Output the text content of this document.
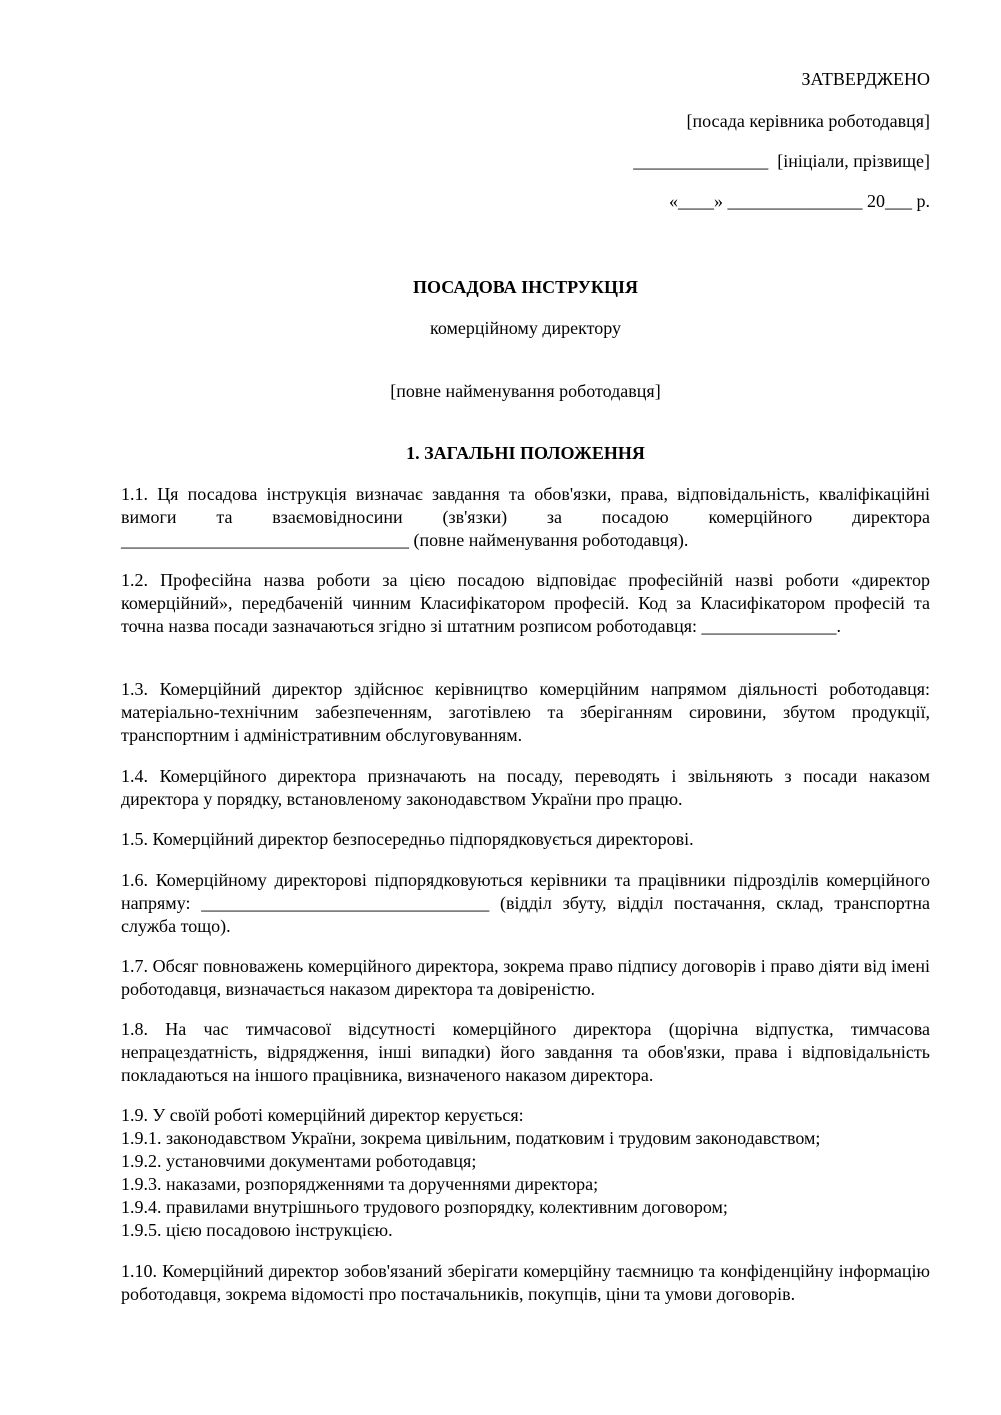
ЗАТВЕРДЖЕНО
[посада керівника роботодавця]
_______________  [ініціали, прізвище]
«____» _______________ 20___ р.
ПОСАДОВА ІНСТРУКЦІЯ
комерційному директору
[повне найменування роботодавця]
1. ЗАГАЛЬНІ ПОЛОЖЕННЯ

1.1. Ця посадова інструкція визначає завдання та обов'язки, права, відповідальність, кваліфікаційні вимоги та взаємовідносини (зв'язки) за посадою комерційного директора ________________________________ (повне найменування роботодавця).

1.2. Професійна назва роботи за цією посадою відповідає професійній назві роботи «директор комерційний», передбаченій чинним Класифікатором професій. Код за Класифікатором професій та точна назва посади зазначаються згідно зі штатним розписом роботодавця: _______________.

1.3. Комерційний директор здійснює керівництво комерційним напрямом діяльності роботодавця: матеріально-технічним забезпеченням, заготівлею та зберіганням сировини, збутом продукції, транспортним і адміністративним обслуговуванням.

1.4. Комерційного директора призначають на посаду, переводять і звільняють з посади наказом директора у порядку, встановленому законодавством України про працю.

1.5. Комерційний директор безпосередньо підпорядковується директорові.

1.6. Комерційному директорові підпорядковуються керівники та працівники підрозділів комерційного напряму: ________________________________ (відділ збуту, відділ постачання, склад, транспортна служба тощо).

1.7. Обсяг повноважень комерційного директора, зокрема право підпису договорів і право діяти від імені роботодавця, визначається наказом директора та довіреністю.

1.8. На час тимчасової відсутності комерційного директора (щорічна відпустка, тимчасова непрацездатність, відрядження, інші випадки) його завдання та обов'язки, права і відповідальність покладаються на іншого працівника, визначеного наказом директора.

1.9. У своїй роботі комерційний директор керується:
1.9.1. законодавством України, зокрема цивільним, податковим і трудовим законодавством;
1.9.2. установчими документами роботодавця;
1.9.3. наказами, розпорядженнями та дорученнями директора;
1.9.4. правилами внутрішнього трудового розпорядку, колективним договором;
1.9.5. цією посадовою інструкцією.

1.10. Комерційний директор зобов'язаний зберігати комерційну таємницю та конфіденційну інформацію роботодавця, зокрема відомості про постачальників, покупців, ціни та умови договорів.
